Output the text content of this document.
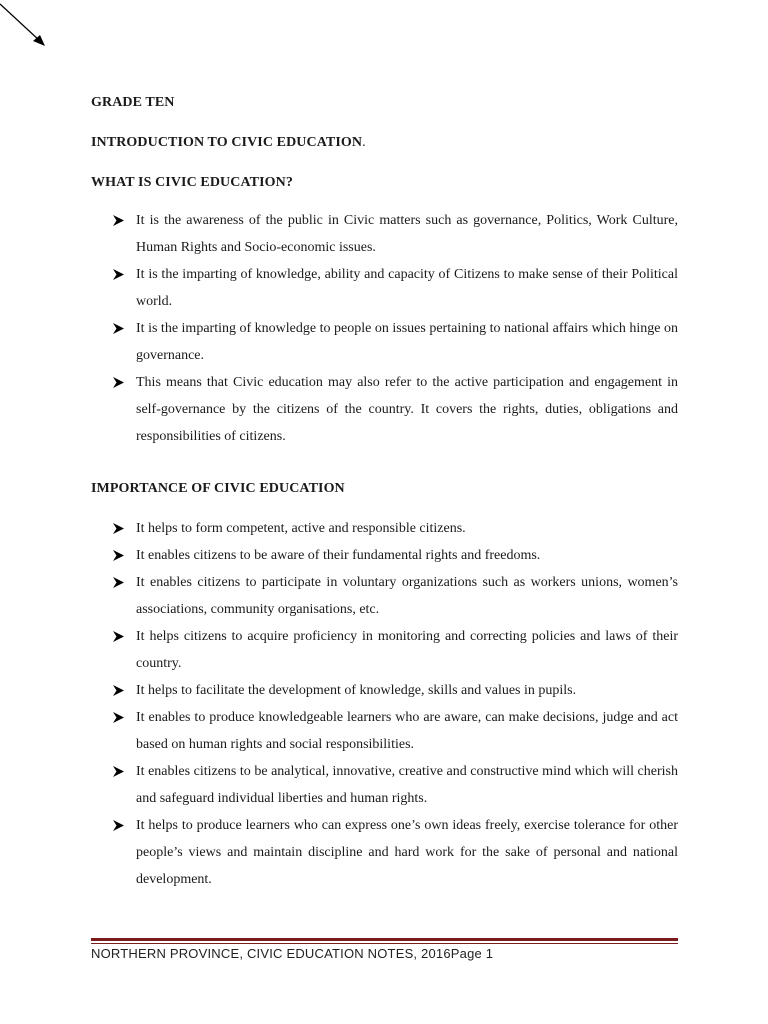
GRADE TEN
INTRODUCTION TO CIVIC EDUCATION.
WHAT IS CIVIC EDUCATION?
It is the awareness of the public in Civic matters such as governance, Politics, Work Culture, Human Rights and Socio-economic issues.
It is the imparting of knowledge, ability and capacity of Citizens to make sense of their Political world.
It is the imparting of knowledge to people on issues pertaining to national affairs which hinge on governance.
This means that Civic education may also refer to the active participation and engagement in self-governance by the citizens of the country. It covers the rights, duties, obligations and responsibilities of citizens.
IMPORTANCE OF CIVIC EDUCATION
It helps to form competent, active and responsible citizens.
It enables citizens to be aware of their fundamental rights and freedoms.
It enables citizens to participate in voluntary organizations such as workers unions, women’s associations, community organisations, etc.
It helps citizens to acquire proficiency in monitoring and correcting policies and laws of their country.
It helps to facilitate the development of knowledge, skills and values in pupils.
It enables to produce knowledgeable learners who are aware, can make decisions, judge and act based on human rights and social responsibilities.
It enables citizens to be analytical, innovative, creative and constructive mind which will cherish and safeguard individual liberties and human rights.
It helps to produce learners who can express one’s own ideas freely, exercise tolerance for other people’s views and maintain discipline and hard work for the sake of personal and national development.
NORTHERN PROVINCE, CIVIC EDUCATION NOTES, 2016Page 1
